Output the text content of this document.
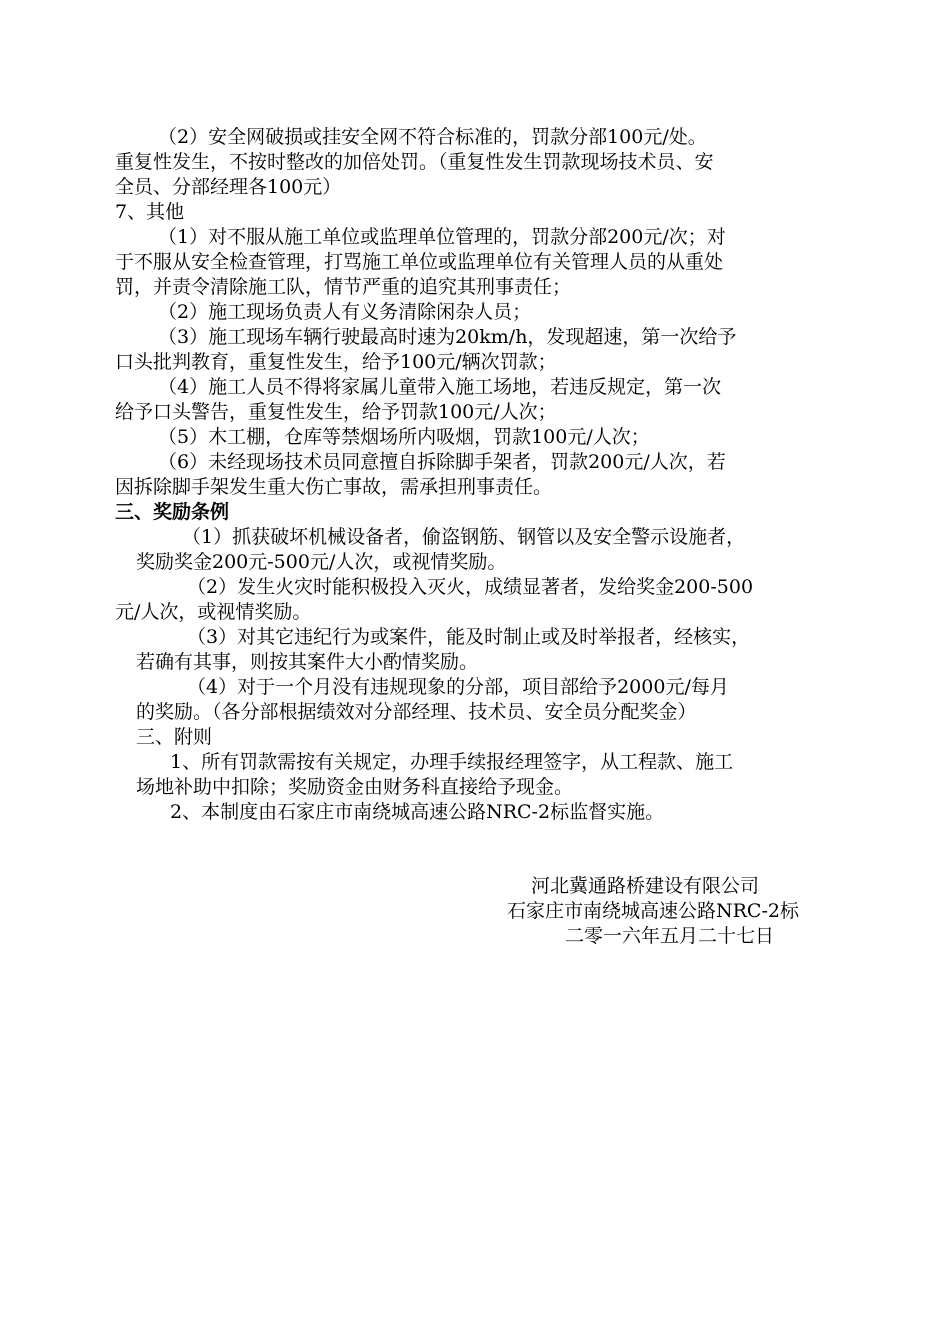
（2）安全网破损或挂安全网不符合标准的，罚款分部100元/处。
重复性发生，不按时整改的加倍处罚。（重复性发生罚款现场技术员、安
全员、分部经理各100元）
7、其他
（1）对不服从施工单位或监理单位管理的，罚款分部200元/次；对
于不服从安全检查管理，打骂施工单位或监理单位有关管理人员的从重处
罚，并责令清除施工队，情节严重的追究其刑事责任；
（2）施工现场负责人有义务清除闲杂人员；
（3）施工现场车辆行驶最高时速为20km/h，发现超速，第一次给予
口头批判教育，重复性发生，给予100元/辆次罚款；
（4）施工人员不得将家属儿童带入施工场地，若违反规定，第一次
给予口头警告，重复性发生，给予罚款100元/人次；
（5）木工棚，仓库等禁烟场所内吸烟，罚款100元/人次；
（6）未经现场技术员同意擅自拆除脚手架者，罚款200元/人次，若
因拆除脚手架发生重大伤亡事故，需承担刑事责任。
三、奖励条例
（1）抓获破坏机械设备者，偷盗钢筋、钢管以及安全警示设施者，
奖励奖金200元-500元/人次，或视情奖励。
（2）发生火灾时能积极投入灭火，成绩显著者，发给奖金200-500
元/人次，或视情奖励。
（3）对其它违纪行为或案件，能及时制止或及时举报者，经核实，
若确有其事，则按其案件大小酌情奖励。
（4）对于一个月没有违规现象的分部，项目部给予2000元/每月
的奖励。（各分部根据绩效对分部经理、技术员、安全员分配奖金）
三、附则
1、所有罚款需按有关规定，办理手续报经理签字，从工程款、施工
场地补助中扣除；奖励资金由财务科直接给予现金。
2、本制度由石家庄市南绕城高速公路NRC-2标监督实施。
河北冀通路桥建设有限公司
石家庄市南绕城高速公路NRC-2标
二零一六年五月二十七日
